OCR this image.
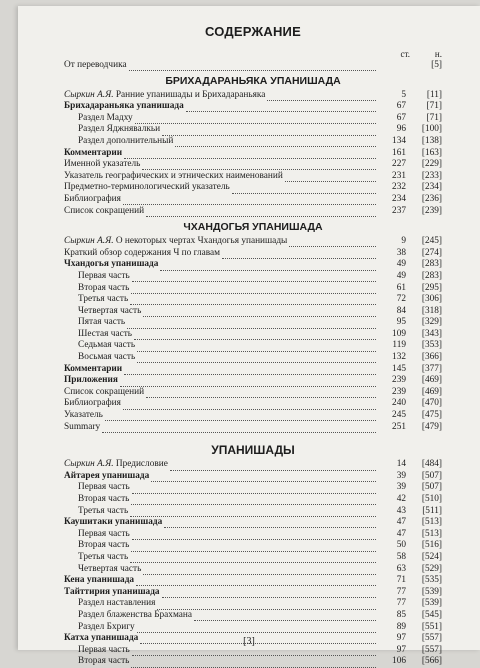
СОДЕРЖАНИЕ
ст.	н.
От переводчика	[5]
БРИХАДАРАНЬЯКА УПАНИШАДА
Сыркин А.Я. Ранние упанишады и Брихадараньяка	5	[11]
Брихадараньяка упанишада	67	[71]
Раздел Мадху	67	[71]
Раздел Яджнявалкьи	96	[100]
Раздел дополнительный	134	[138]
Комментарии	161	[163]
Именной указатель	227	[229]
Указатель географических и этнических наименований	231	[233]
Предметно-терминологический указатель	232	[234]
Библиография	234	[236]
Список сокращений	237	[239]
ЧХАНДОГЬЯ УПАНИШАДА
Сыркин А.Я. О некоторых чертах Чхандогья упанишады	9	[245]
Краткий обзор содержания Ч по главам	38	[274]
Чхандогья упанишада	49	[283]
Первая часть	49	[283]
Вторая часть	61	[295]
Третья часть	72	[306]
Четвертая часть	84	[318]
Пятая часть	95	[329]
Шестая часть	109	[343]
Седьмая часть	119	[353]
Восьмая часть	132	[366]
Комментарии	145	[377]
Приложения	239	[469]
Список сокращений	239	[469]
Библиография	240	[470]
Указатель	245	[475]
Summary	251	[479]
УПАНИШАДЫ
Сыркин А.Я. Предисловие	14	[484]
Айтарея упанишада	39	[507]
Первая часть	39	[507]
Вторая часть	42	[510]
Третья часть	43	[511]
Каушитаки упанишада	47	[513]
Первая часть	47	[513]
Вторая часть	50	[516]
Третья часть	58	[524]
Четвертая часть	63	[529]
Кена упанишада	71	[535]
Тайттирия упанишада	77	[539]
Раздел наставления	77	[539]
Раздел блаженства Брахмана	85	[545]
Раздел Бхригу	89	[551]
Катха упанишада	97	[557]
Первая часть	97	[557]
Вторая часть	106	[566]
[3]
